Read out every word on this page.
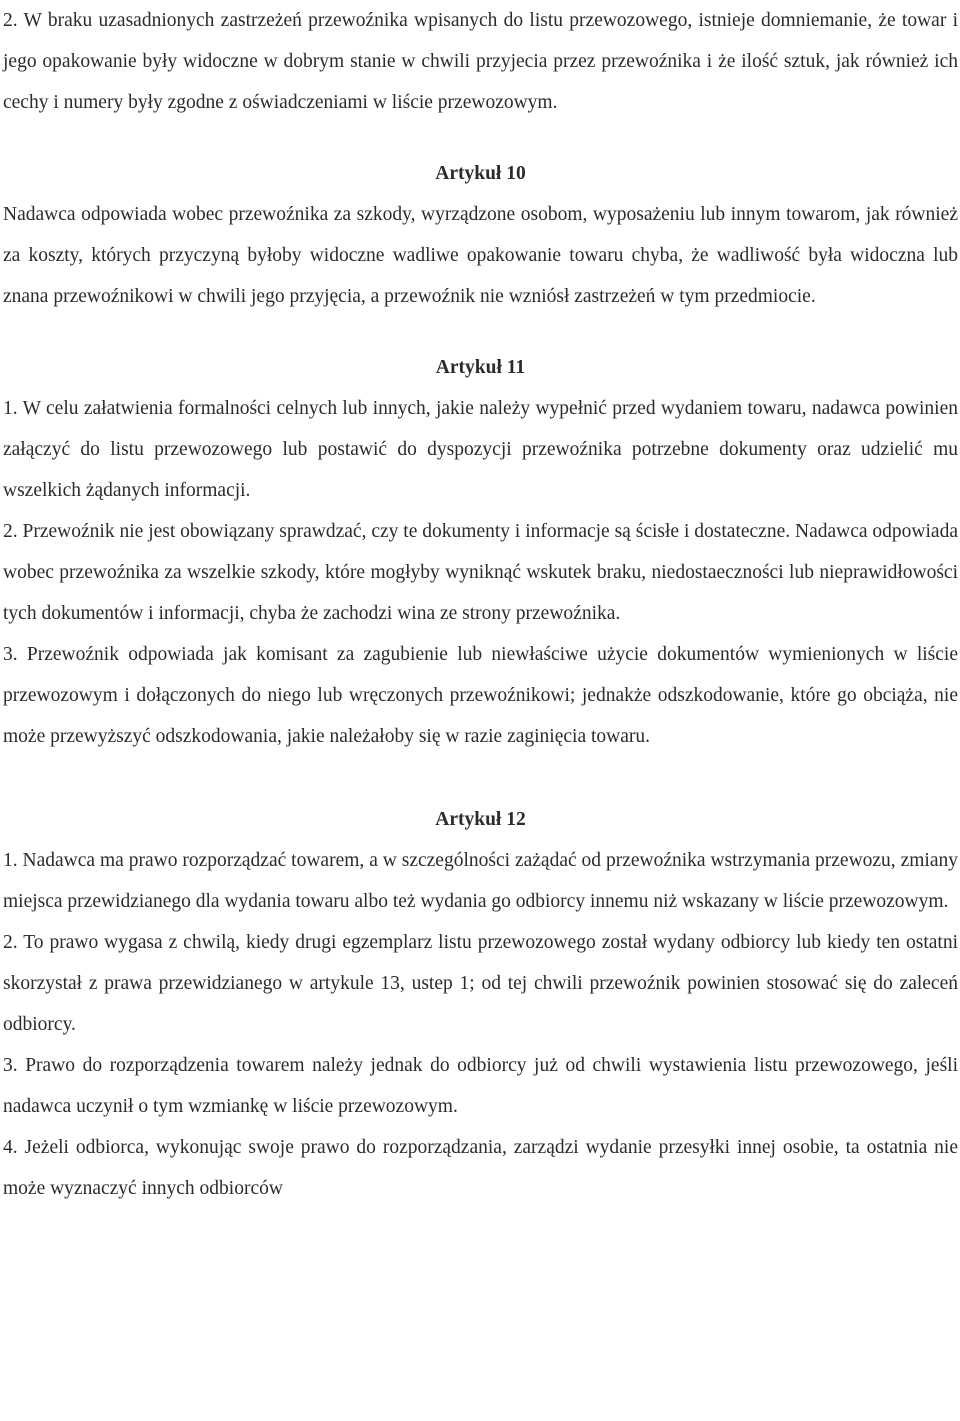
2. W braku uzasadnionych zastrzeżeń przewoźnika wpisanych do listu przewozowego, istnieje domniemanie, że towar i jego opakowanie były widoczne w dobrym stanie w chwili przyjecia przez przewoźnika i że ilość sztuk, jak również ich cechy i numery były zgodne z oświadczeniami w liście przewozowym.

Artykuł 10

Nadawca odpowiada wobec przewoźnika za szkody, wyrządzone osobom, wyposażeniu lub innym towarom, jak również za koszty, których przyczyną byłoby widoczne wadliwe opakowanie towaru chyba, że wadliwość była widoczna lub znana przewoźnikowi w chwili jego przyjęcia, a przewoźnik nie wzniósł zastrzeżeń w tym przedmiocie.

Artykuł 11

1. W celu załatwienia formalności celnych lub innych, jakie należy wypełnić przed wydaniem towaru, nadawca powinien załączyć do listu przewozowego lub postawić do dyspozycji przewoźnika potrzebne dokumenty oraz udzielić mu wszelkich żądanych informacji.

2. Przewoźnik nie jest obowiązany sprawdzać, czy te dokumenty i informacje są ścisłe i dostateczne. Nadawca odpowiada wobec przewoźnika za wszelkie szkody, które mogłyby wyniknąć wskutek braku, niedostaeczności lub nieprawidłowości tych dokumentów i informacji, chyba że zachodzi wina ze strony przewoźnika.

3. Przewoźnik odpowiada jak komisant za zagubienie lub niewłaściwe użycie dokumentów wymienionych w liście przewozowym i dołączonych do niego lub wręczonych przewoźnikowi; jednakże odszkodowanie, które go obciąża, nie może przewyższyć odszkodowania, jakie należałoby się w razie zaginięcia towaru.

Artykuł 12

1. Nadawca ma prawo rozporządzać towarem, a w szczególności zażądać od przewoźnika wstrzymania przewozu, zmiany miejsca przewidzianego dla wydania towaru albo też wydania go odbiorcy innemu niż wskazany w liście przewozowym.

2. To prawo wygasa z chwilą, kiedy drugi egzemplarz listu przewozowego został wydany odbiorcy lub kiedy ten ostatni skorzystał z prawa przewidzianego w artykule 13, ustep 1; od tej chwili przewoźnik powinien stosować się do zaleceń odbiorcy.

3. Prawo do rozporządzenia towarem należy jednak do odbiorcy już od chwili wystawienia listu przewozowego, jeśli nadawca uczynił o tym wzmiankę w liście przewozowym.

4. Jeżeli odbiorca, wykonując swoje prawo do rozporządzania, zarządzi wydanie przesyłki innej osobie, ta ostatnia nie może wyznaczyć innych odbiorców
